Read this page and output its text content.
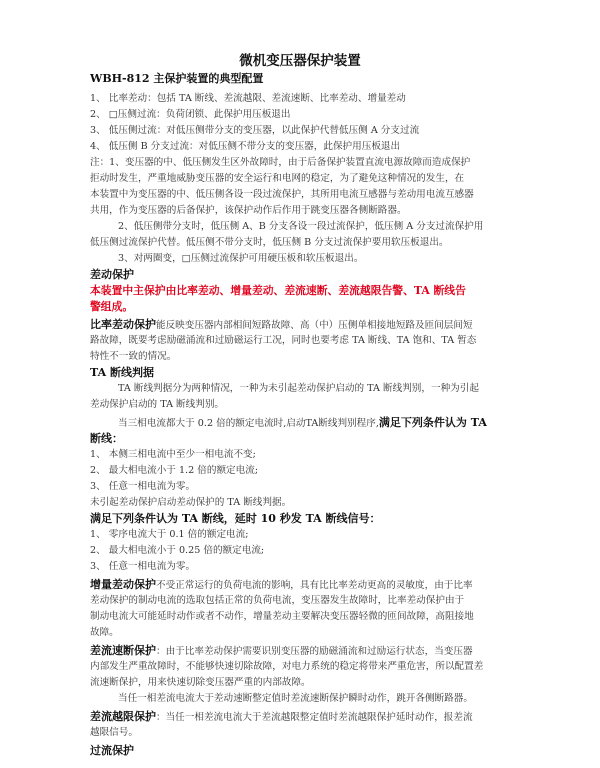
微机变压器保护装置
WBH-812 主保护装置的典型配置
1、 比率差动：包括 TA 断线、差流越限、差流速断、比率差动、增量差动
2、 □压侧过流：负荷闭锁、此保护用压板退出
3、 低压侧过流：对低压侧带分支的变压器，以此保护代替低压侧 A 分支过流
4、 低压侧 B 分支过流：对低压侧不带分支的变压器，此保护用压板退出
注：1、变压器的中、低压侧发生区外故障时，由于后备保护装置直流电源故障而造成保护
拒动时发生，严重地威胁变压器的安全运行和电网的稳定，为了避免这种情况的发生，在
本装置中为变压器的中、低压侧各设一段过流保护，其所用电流互感器与差动用电流互感器
共用，作为变压器的后备保护，该保护动作后作用于跳变压器各侧断路器。
2、低压侧带分支时，低压侧 A、B 分支各设一段过流保护，低压侧 A 分支过流保护用
低压侧过流保护代替。低压侧不带分支时，低压侧 B 分支过流保护要用软压板退出。
3、对两圈变，□压侧过流保护可用硬压板和软压板退出。
差动保护
本装置中主保护由比率差动、增量差动、差流速断、差流越限告警、TA 断线告
警组成。
比率差动保护能反映变压器内部相间短路故障、高（中）压侧单相接地短路及匝间层间短
路故障，既要考虑励磁涌流和过励磁运行工况，同时也要考虑 TA 断线、TA 饱和、TA 暂态
特性不一致的情况。
TA 断线判据
TA 断线判据分为两种情况，一种为未引起差动保护启动的 TA 断线判别，一种为引起
差动保护启动的 TA 断线判别。
当三相电流都大于 0.2 倍的额定电流时,启动TA断线判别程序,满足下列条件认为 TA
断线：
1、 本侧三相电流中至少一相电流不变;
2、 最大相电流小于 1.2 倍的额定电流;
3、 任意一相电流为零。
未引起差动保护启动差动保护的 TA 断线判据。
满足下列条件认为 TA 断线，延时 10 秒发 TA 断线信号：
1、 零序电流大于 0.1 倍的额定电流;
2、 最大相电流小于 0.25 倍的额定电流;
3、 任意一相电流为零。
增量差动保护不受正常运行的负荷电流的影响，具有比比率差动更高的灵敏度，由于比率
差动保护的制动电流的选取包括正常的负荷电流，变压器发生故障时，比率差动保护由于
制动电流大可能延时动作或者不动作，增量差动主要解决变压器轻微的匝间故障，高阻接地
故障。
差流速断保护：由于比率差动保护需要识别变压器的励磁涌流和过励运行状态，当变压器
内部发生严重故障时，不能够快速切除故障，对电力系统的稳定将带来严重危害，所以配置差
流速断保护，用来快速切除变压器严重的内部故障。
当任一相差流电流大于差动速断整定值时差流速断保护瞬时动作，跳开各侧断路器。
差流越限保护：当任一相差流电流大于差流越限整定值时差流越限保护延时动作，报差流
越限信号。
过流保护
